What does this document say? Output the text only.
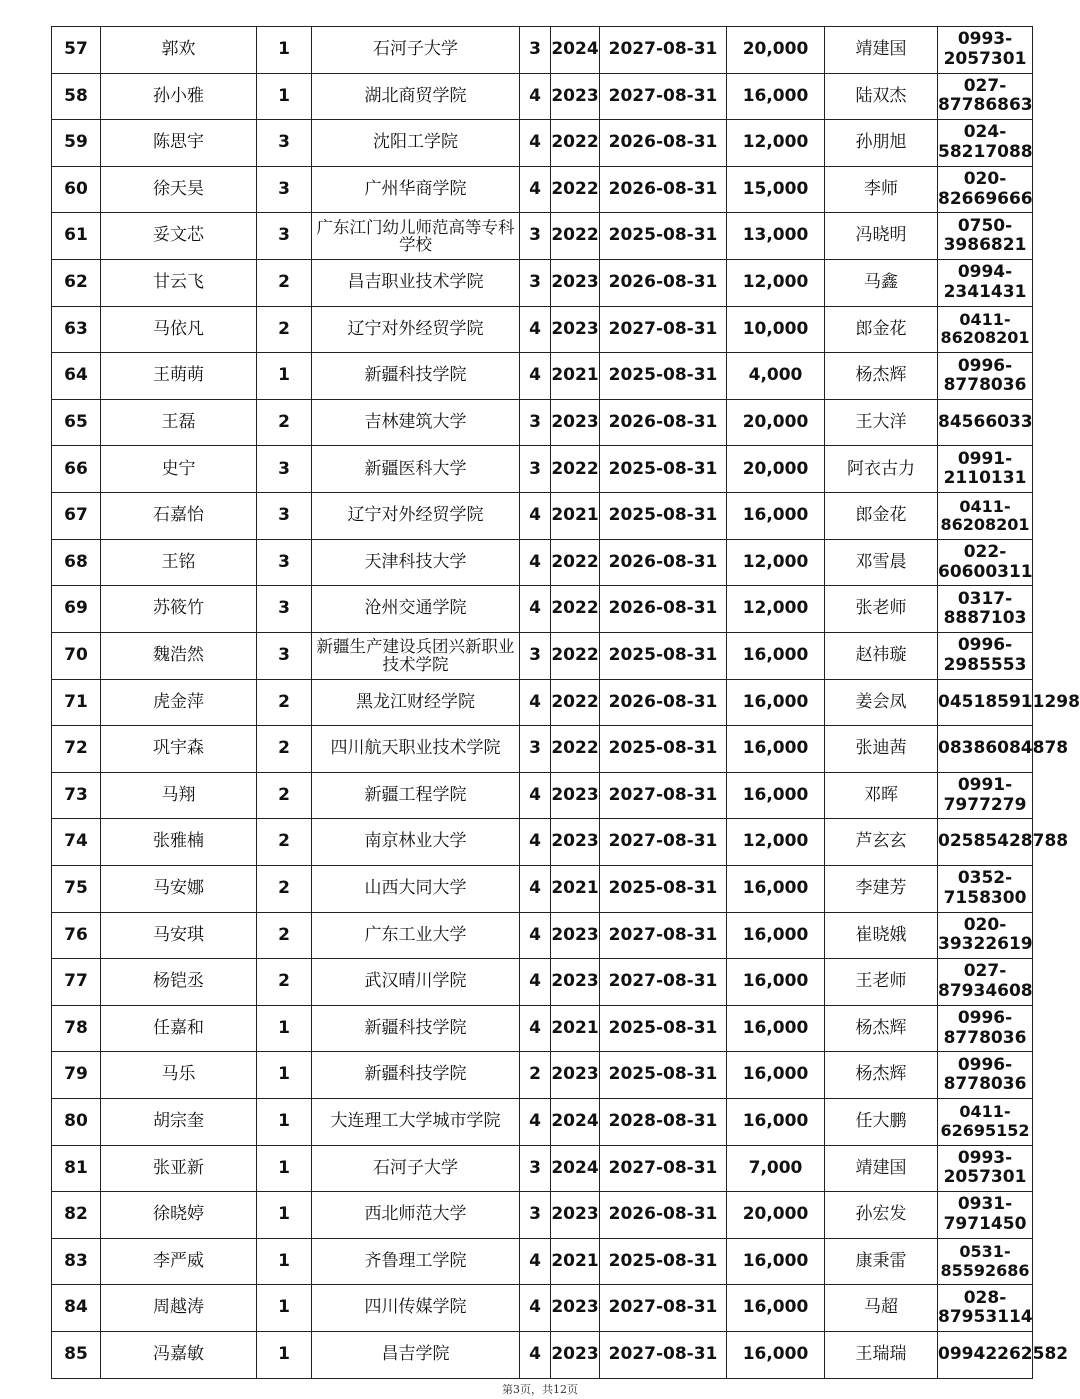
57	郭欢	1	石河子大学	3	2024	2027-08-31	20,000	靖建国	0993-2057301
58	孙小雅	1	湖北商贸学院	4	2023	2027-08-31	16,000	陆双杰	027-87786863
59	陈思宇	3	沈阳工学院	4	2022	2026-08-31	12,000	孙朋旭	024-58217088
60	徐天昊	3	广州华商学院	4	2022	2026-08-31	15,000	李师	020-82669666
61	妥文芯	3	广东江门幼儿师范高等专科学校	3	2022	2025-08-31	13,000	冯晓明	0750-3986821
62	甘云飞	2	昌吉职业技术学院	3	2023	2026-08-31	12,000	马鑫	0994-2341431
63	马依凡	2	辽宁对外经贸学院	4	2023	2027-08-31	10,000	郎金花	0411-86208201
64	王萌萌	1	新疆科技学院	4	2021	2025-08-31	4,000	杨杰辉	0996-8778036
65	王磊	2	吉林建筑大学	3	2023	2026-08-31	20,000	王大洋	84566033
66	史宁	3	新疆医科大学	3	2022	2025-08-31	20,000	阿衣古力	0991-2110131
67	石嘉怡	3	辽宁对外经贸学院	4	2021	2025-08-31	16,000	郎金花	0411-86208201
68	王铭	3	天津科技大学	4	2022	2026-08-31	12,000	邓雪晨	022-60600311
69	苏筱竹	3	沧州交通学院	4	2022	2026-08-31	12,000	张老师	0317-8887103
70	魏浩然	3	新疆生产建设兵团兴新职业技术学院	3	2022	2025-08-31	16,000	赵祎璇	0996-2985553
71	虎金萍	2	黑龙江财经学院	4	2022	2026-08-31	16,000	姜会凤	045185911298
72	巩宇森	2	四川航天职业技术学院	3	2022	2025-08-31	16,000	张迪茜	08386084878
73	马翔	2	新疆工程学院	4	2023	2027-08-31	16,000	邓晖	0991-7977279
74	张雅楠	2	南京林业大学	4	2023	2027-08-31	12,000	芦玄玄	02585428788
75	马安娜	2	山西大同大学	4	2021	2025-08-31	16,000	李建芳	0352-7158300
76	马安琪	2	广东工业大学	4	2023	2027-08-31	16,000	崔晓娥	020-39322619
77	杨铠丞	2	武汉晴川学院	4	2023	2027-08-31	16,000	王老师	027-87934608
78	任嘉和	1	新疆科技学院	4	2021	2025-08-31	16,000	杨杰辉	0996-8778036
79	马乐	1	新疆科技学院	2	2023	2025-08-31	16,000	杨杰辉	0996-8778036
80	胡宗奎	1	大连理工大学城市学院	4	2024	2028-08-31	16,000	任大鹏	0411-62695152
81	张亚新	1	石河子大学	3	2024	2027-08-31	7,000	靖建国	0993-2057301
82	徐晓婷	1	西北师范大学	3	2023	2026-08-31	20,000	孙宏发	0931-7971450
83	李严威	1	齐鲁理工学院	4	2021	2025-08-31	16,000	康秉雷	0531-85592686
84	周越涛	1	四川传媒学院	4	2023	2027-08-31	16,000	马超	028-87953114
85	冯嘉敏	1	昌吉学院	4	2023	2027-08-31	16,000	王瑞瑞	09942262582
第3页，共12页
